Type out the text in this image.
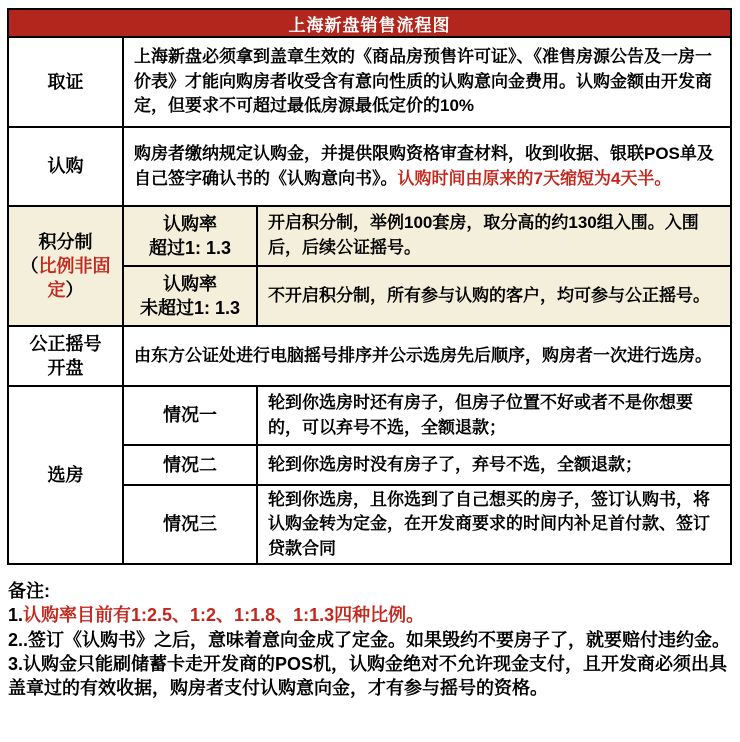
上海新盘销售流程图
取证
上海新盘必须拿到盖章生效的《商品房预售许可证》、《准售房源公告及一房一价表》才能向购房者收受含有意向性质的认购意向金费用。认购金额由开发商定，但要求不可超过最低房源最低定价的10%
认购
购房者缴纳规定认购金，并提供限购资格审查材料，收到收据、银联POS单及自己签字确认书的《认购意向书》。认购时间由原来的7天缩短为4天半。
积分制
（比例非固定）
认购率
超过1: 1.3
开启积分制，举例100套房，取分高的约130组入围。入围后，后续公证摇号。
认购率
未超过1: 1.3
不开启积分制，所有参与认购的客户，均可参与公正摇号。
公正摇号
开盘
由东方公证处进行电脑摇号排序并公示选房先后顺序，购房者一次进行选房。
选房
情况一
轮到你选房时还有房子，但房子位置不好或者不是你想要的，可以弃号不选，全额退款；
情况二	轮到你选房时没有房子了，弃号不选，全额退款；
情况三
轮到你选房，且你选到了自己想买的房子，签订认购书，将认购金转为定金，在开发商要求的时间内补足首付款、签订贷款合同
备注:
1.认购率目前有1:2.5、1:2、1:1.8、1:1.3四种比例。
2..签订《认购书》之后，意味着意向金成了定金。如果毁约不要房子了，就要赔付违约金。
3.认购金只能刷储蓄卡走开发商的POS机，认购金绝对不允许现金支付，且开发商必须出具盖章过的有效收据，购房者支付认购意向金，才有参与摇号的资格。
